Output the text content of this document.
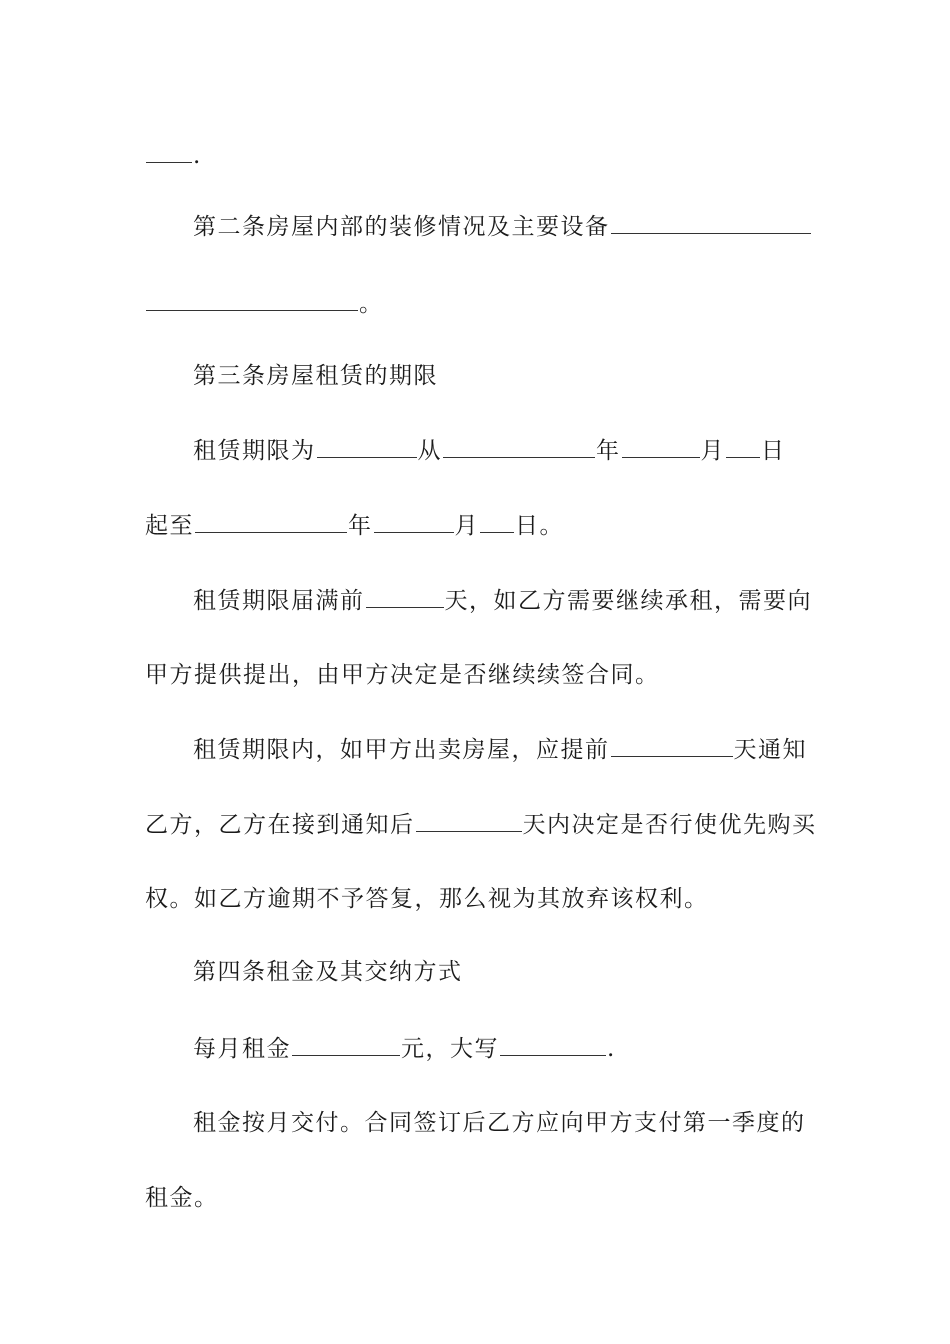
.
第二条房屋内部的装修情况及主要设备
。
第三条房屋租赁的期限
租赁期限为	从	年	月 日
起至	年	月 日。
租赁期限届满前	天，如乙方需要继续承租，需要向
甲方提供提出，由甲方决定是否继续续签合同。
租赁期限内，如甲方出卖房屋，应提前	天通知
乙方，乙方在接到通知后	天内决定是否行使优先购买
权。如乙方逾期不予答复，那么视为其放弃该权利。
第四条租金及其交纳方式
每月租金	元，大写	.
租金按月交付。合同签订后乙方应向甲方支付第一季度的
租金。
